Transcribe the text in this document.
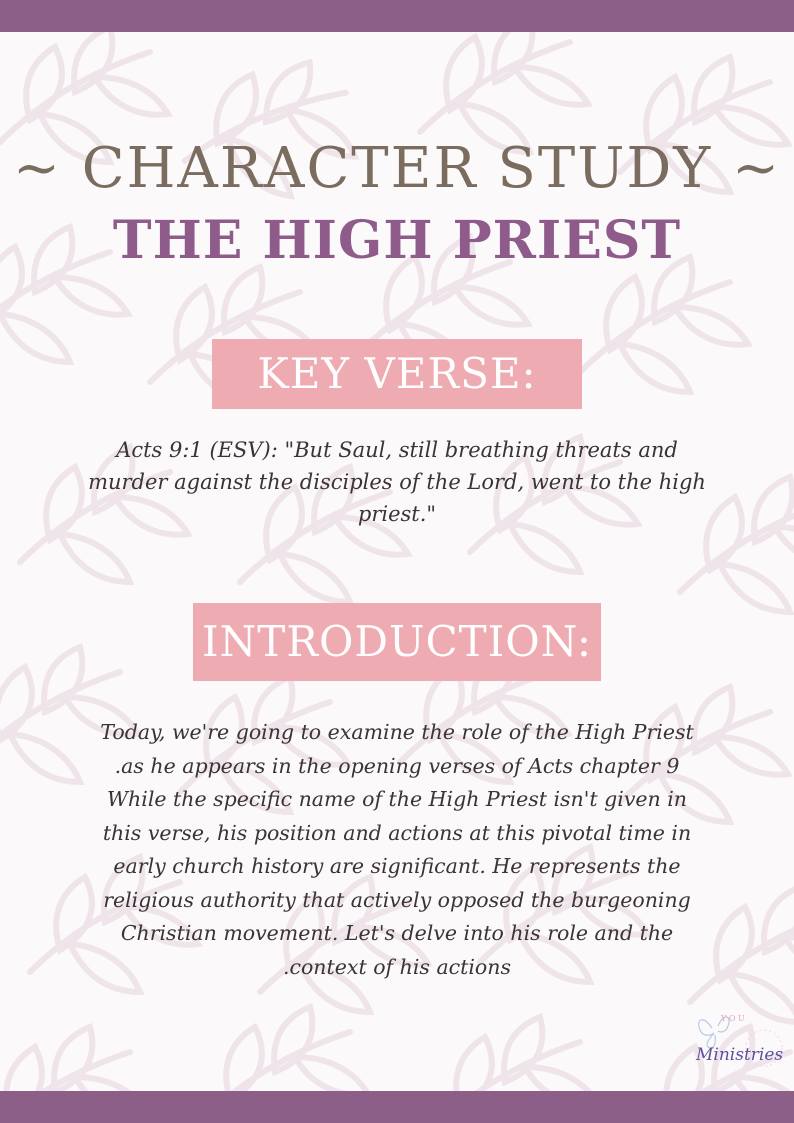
~ CHARACTER STUDY ~
THE HIGH PRIEST
KEY VERSE:

Acts 9:1 (ESV): "But Saul, still breathing threats and
murder against the disciples of the Lord, went to the high
priest."

INTRODUCTION:

Today, we're going to examine the role of the High Priest
.as he appears in the opening verses of Acts chapter 9
While the specific name of the High Priest isn't given in
this verse, his position and actions at this pivotal time in
early church history are significant. He represents the
religious authority that actively opposed the burgeoning
Christian movement. Let's delve into his role and the
.context of his actions

Y O U
Ministries
